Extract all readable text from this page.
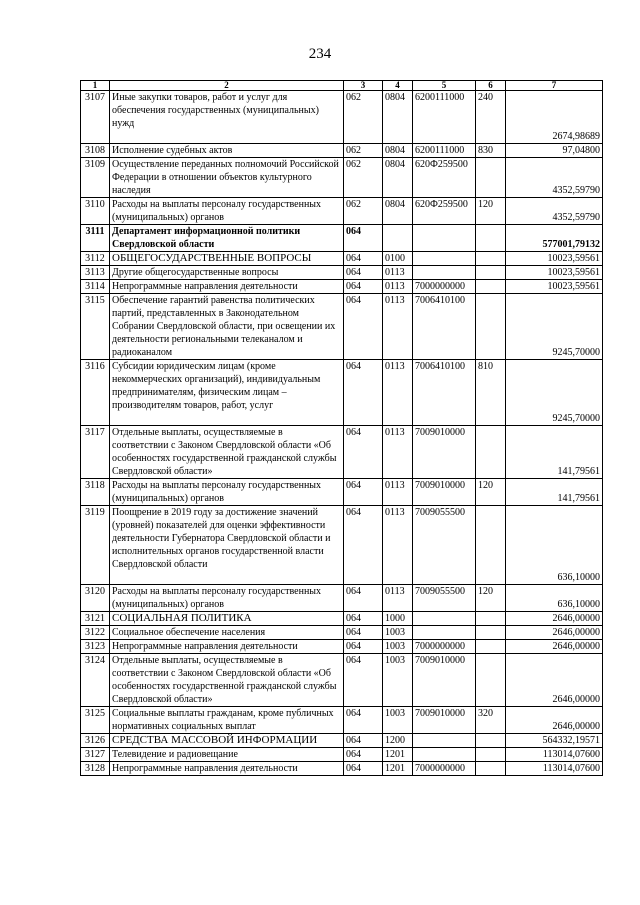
234
1	2	3	4	5	6	7
3107	Иные закупки товаров, работ и услуг для обеспечения государственных (муниципальных) нужд	062	0804	6200111000	240	2674,98689
3108	Исполнение судебных актов	062	0804	6200111000	830	97,04800
3109	Осуществление переданных полномочий Российской Федерации в отношении объектов культурного наследия	062	0804	620Ф259500		4352,59790
3110	Расходы на выплаты персоналу государственных (муниципальных) органов	062	0804	620Ф259500	120	4352,59790
3111	Департамент информационной политики Свердловской области	064				577001,79132
3112	ОБЩЕГОСУДАРСТВЕННЫЕ ВОПРОСЫ	064	0100			10023,59561
3113	Другие общегосударственные вопросы	064	0113			10023,59561
3114	Непрограммные направления деятельности	064	0113	7000000000		10023,59561
3115	Обеспечение гарантий равенства политических партий, представленных в Законодательном Собрании Свердловской области, при освещении их деятельности региональными телеканалом и радиоканалом	064	0113	7006410100		9245,70000
3116	Субсидии юридическим лицам (кроме некоммерческих организаций), индивидуальным предпринимателям, физическим лицам – производителям товаров, работ, услуг	064	0113	7006410100	810	9245,70000
3117	Отдельные выплаты, осуществляемые в соответствии с Законом Свердловской области «Об особенностях государственной гражданской службы Свердловской области»	064	0113	7009010000		141,79561
3118	Расходы на выплаты персоналу государственных (муниципальных) органов	064	0113	7009010000	120	141,79561
3119	Поощрение в 2019 году за достижение значений (уровней) показателей для оценки эффективности деятельности Губернатора Свердловской области и исполнительных органов государственной власти Свердловской области	064	0113	7009055500		636,10000
3120	Расходы на выплаты персоналу государственных (муниципальных) органов	064	0113	7009055500	120	636,10000
3121	СОЦИАЛЬНАЯ ПОЛИТИКА	064	1000			2646,00000
3122	Социальное обеспечение населения	064	1003			2646,00000
3123	Непрограммные направления деятельности	064	1003	7000000000		2646,00000
3124	Отдельные выплаты, осуществляемые в соответствии с Законом Свердловской области «Об особенностях государственной гражданской службы Свердловской области»	064	1003	7009010000		2646,00000
3125	Социальные выплаты гражданам, кроме публичных нормативных социальных выплат	064	1003	7009010000	320	2646,00000
3126	СРЕДСТВА МАССОВОЙ ИНФОРМАЦИИ	064	1200			564332,19571
3127	Телевидение и радиовещание	064	1201			113014,07600
3128	Непрограммные направления деятельности	064	1201	7000000000		113014,07600
